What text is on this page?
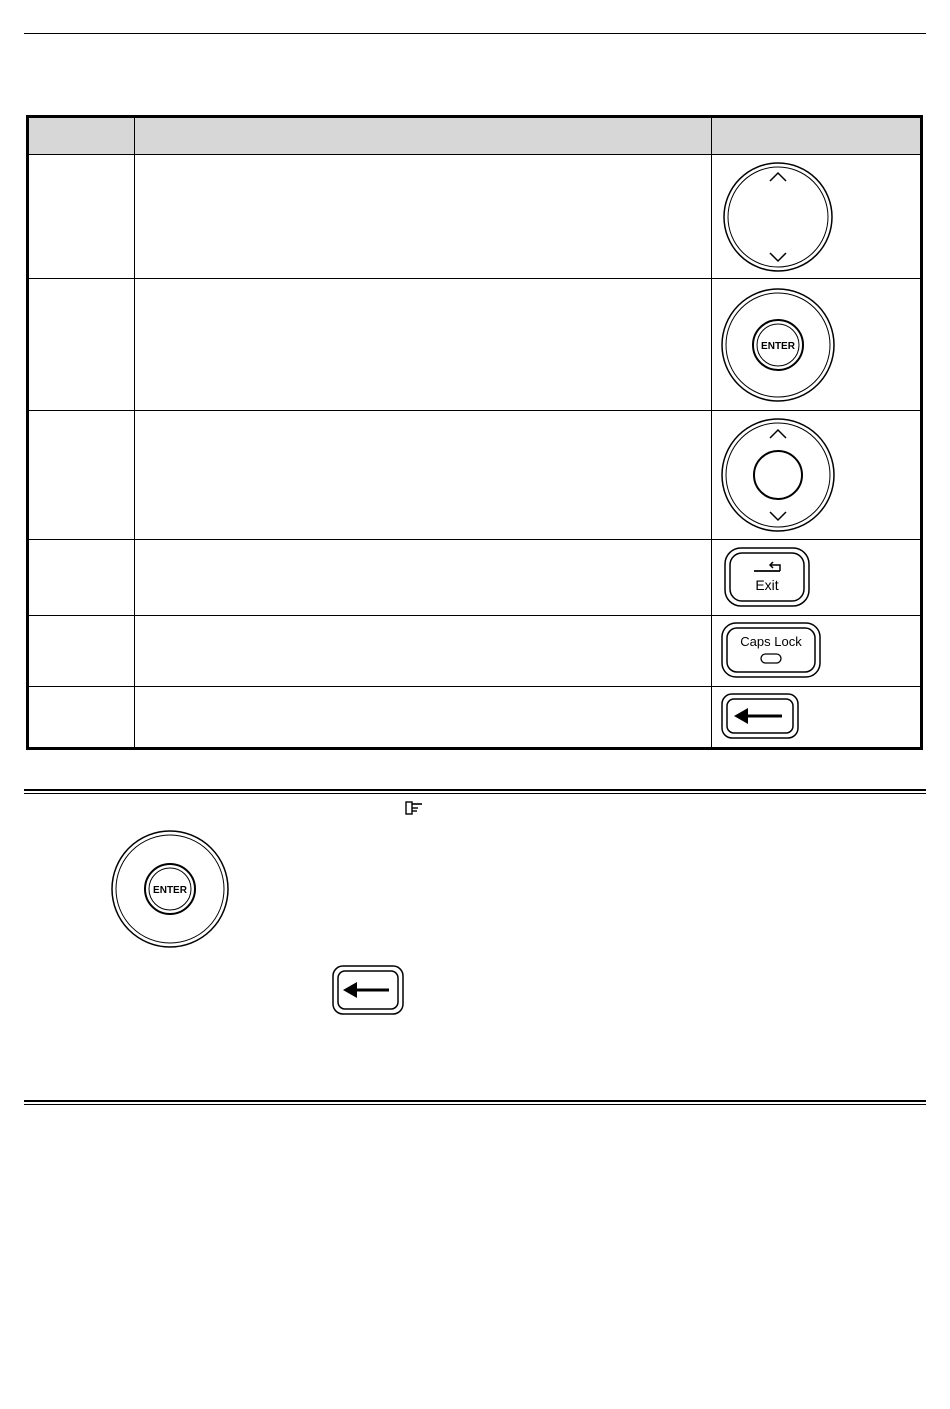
ENTER

Exit

Caps Lock

ENTER
